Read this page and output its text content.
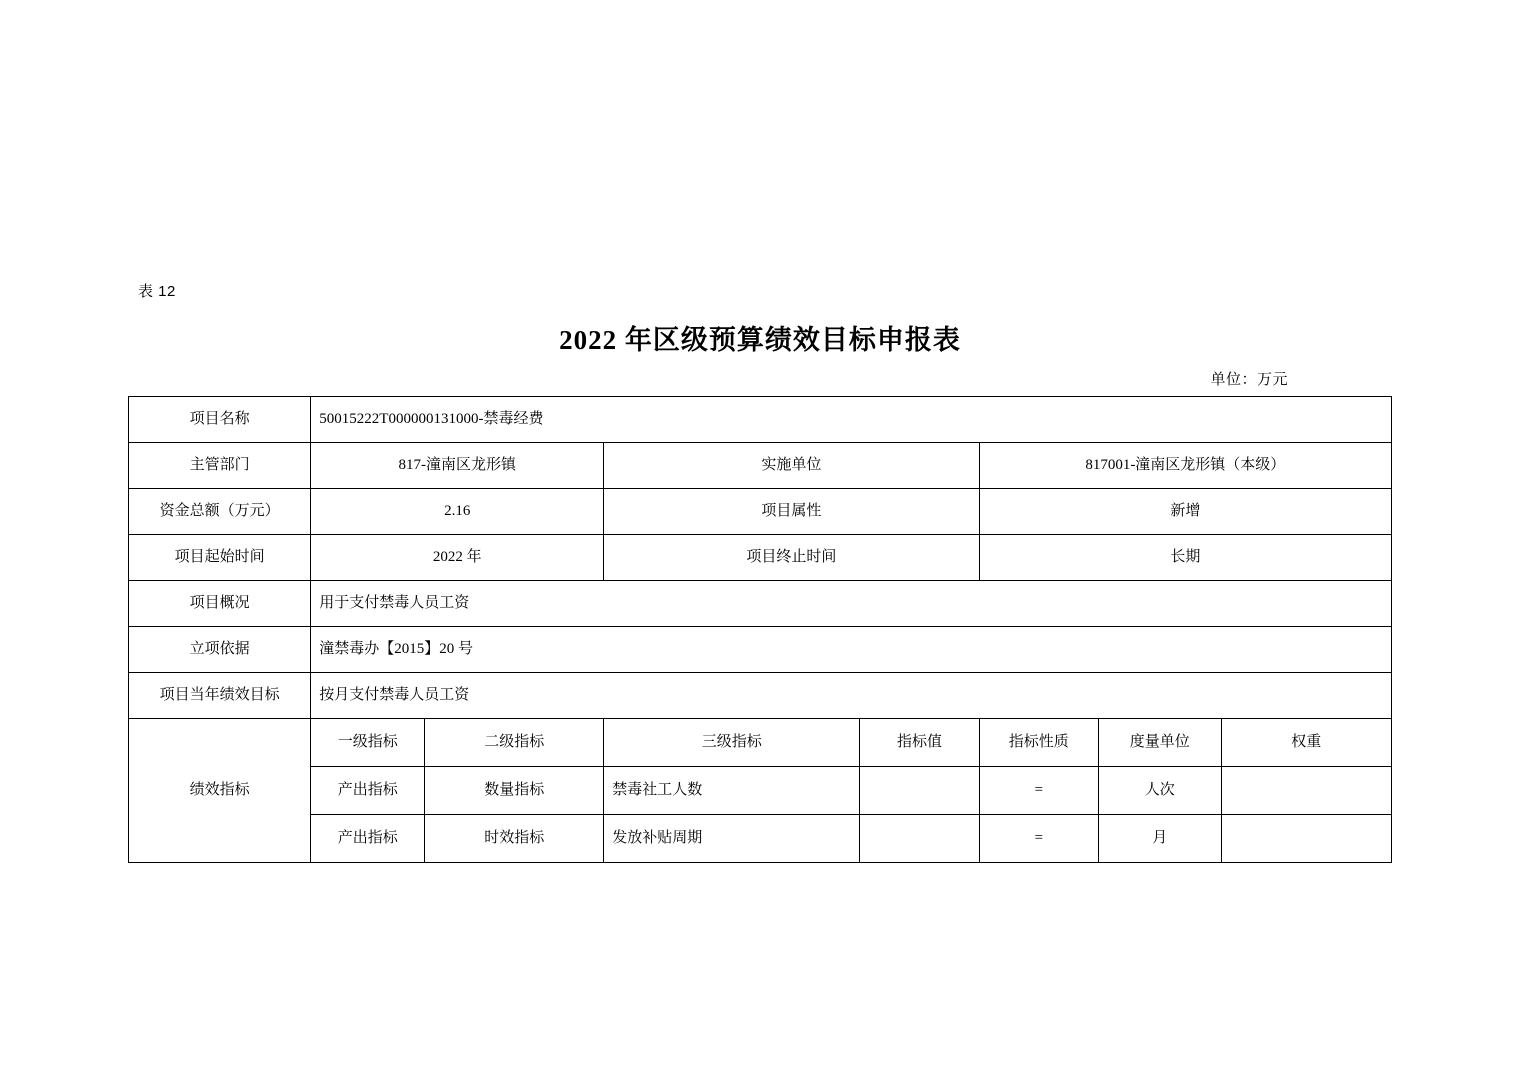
表 12
2022 年区级预算绩效目标申报表
单位：万元
项目名称	50015222T000000131000-禁毒经费						
主管部门	817-潼南区龙形镇		实施单位		817001-潼南区龙形镇（本级）		
资金总额（万元）	2.16		项目属性		新增		
项目起始时间	2022 年		项目终止时间		长期		
项目概况	用于支付禁毒人员工资						
立项依据	潼禁毒办【2015】20 号						
项目当年绩效目标	按月支付禁毒人员工资						
绩效指标	一级指标	二级指标	三级指标	指标值	指标性质	度量单位	权重
	产出指标	数量指标	禁毒社工人数		=	人次	
	产出指标	时效指标	发放补贴周期		=	月	
